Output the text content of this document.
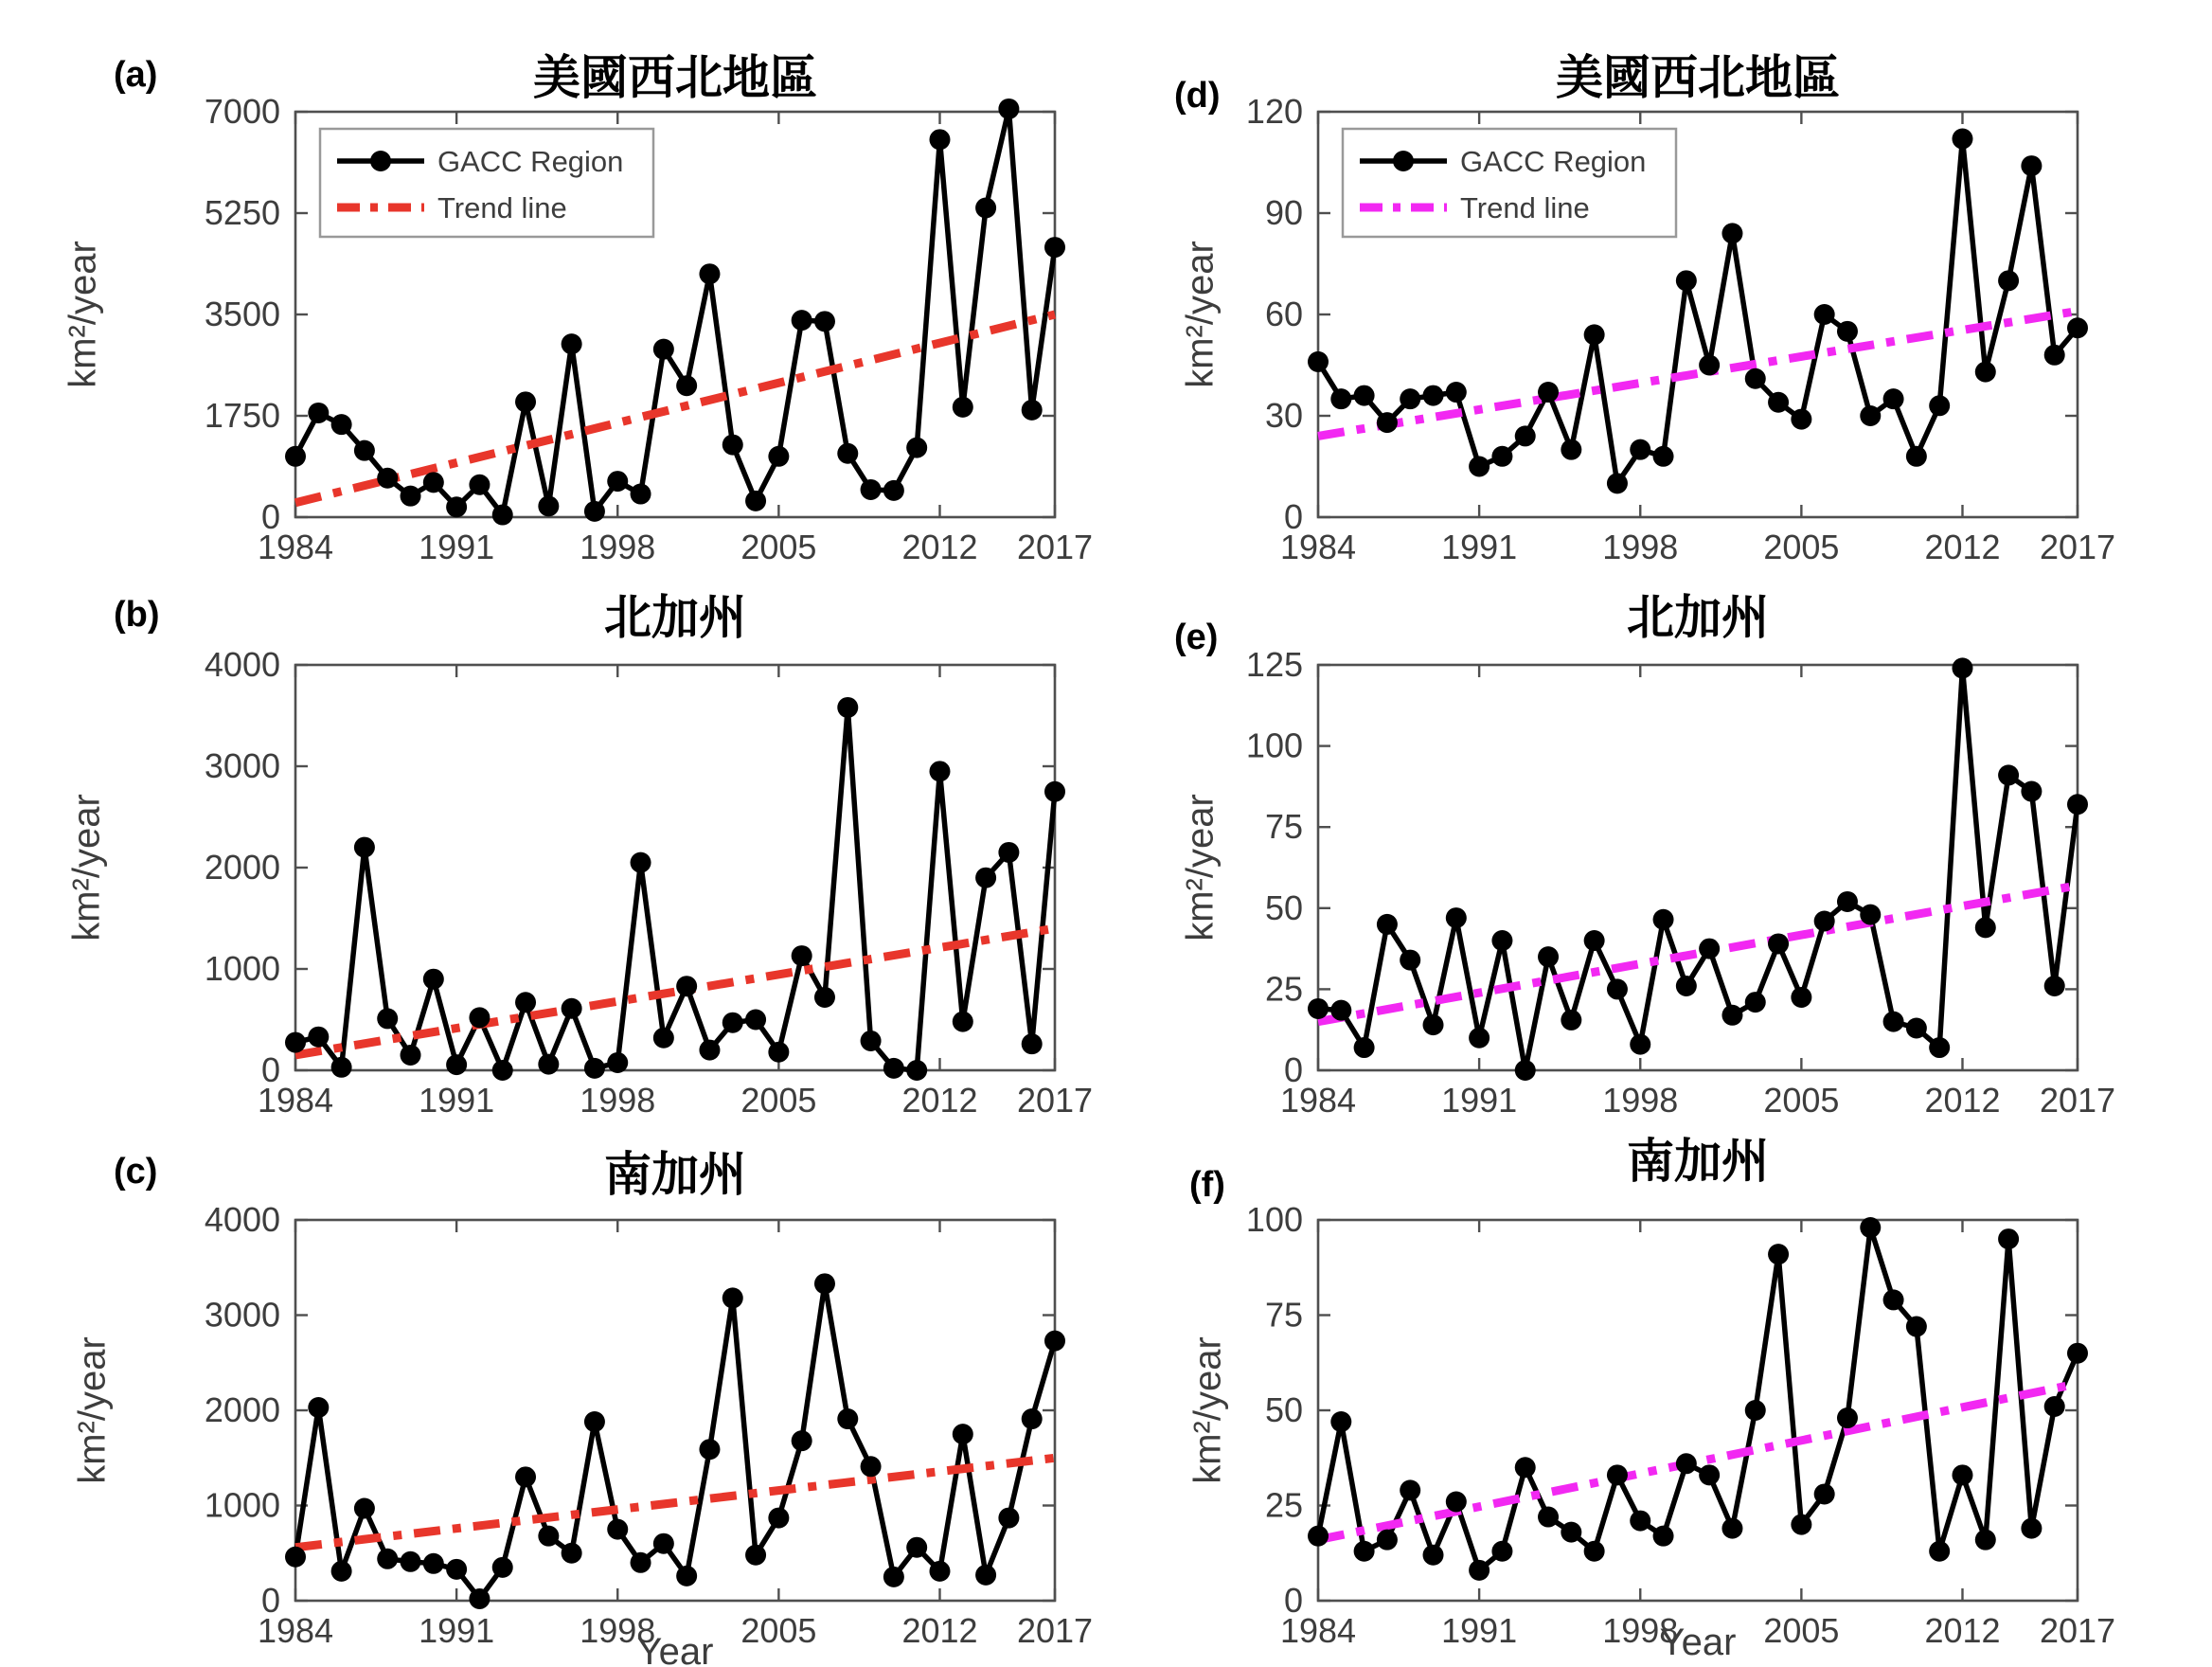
1984	1991	1998	2005	2012 2017
0
1750
3500
5250
7000
GACC Region
Trend line
1984	1991	1998	2005	2012 2017
0
1000
2000
3000
4000
1984	1991	1998	2005	2012 2017
0
1000
2000
3000
4000
1984	1991	1998	2005	2012 2017
0
30
60
90
120
GACC Region
Trend line
1984	1991	1998	2005	2012 2017
0
25
50
75
100
125
1984	1991	1998	2005	2012 2017
0
25
50
75
100
(a)	美國西北地區
km²/year
(b)	北加州
km²/year
(c)	南加州
km²/year
Year
(d)	美國西北地區
km²/year
(e)	北加州
km²/year
(f)	南加州
km²/year
Year
